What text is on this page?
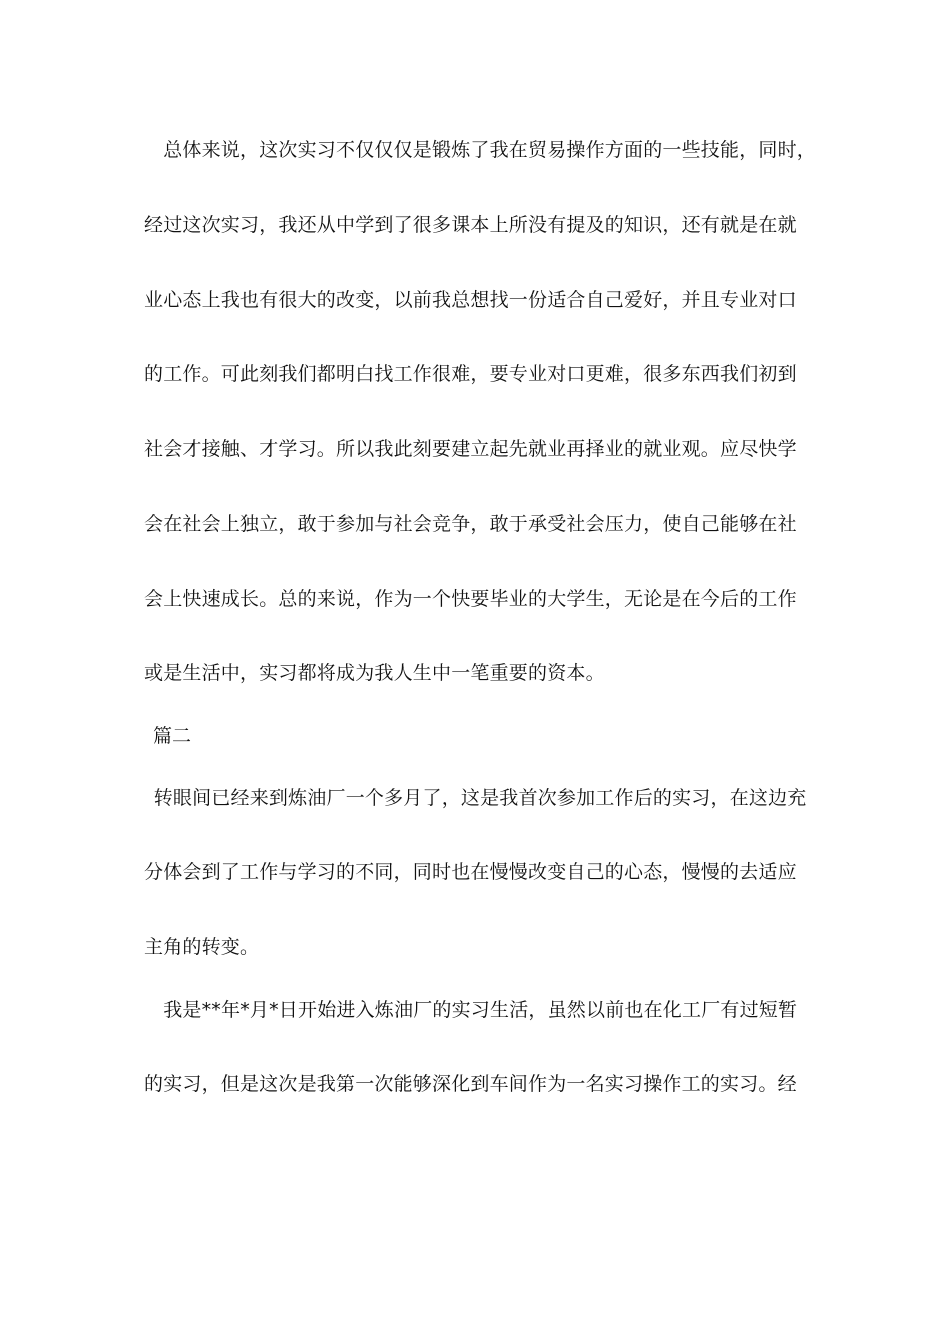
　总体来说，这次实习不仅仅仅是锻炼了我在贸易操作方面的一些技能，同时，
经过这次实习，我还从中学到了很多课本上所没有提及的知识，还有就是在就
业心态上我也有很大的改变，以前我总想找一份适合自己爱好，并且专业对口
的工作。可此刻我们都明白找工作很难，要专业对口更难，很多东西我们初到
社会才接触、才学习。所以我此刻要建立起先就业再择业的就业观。应尽快学
会在社会上独立，敢于参加与社会竞争，敢于承受社会压力，使自己能够在社
会上快速成长。总的来说，作为一个快要毕业的大学生，无论是在今后的工作
或是生活中，实习都将成为我人生中一笔重要的资本。
篇二
 转眼间已经来到炼油厂一个多月了，这是我首次参加工作后的实习，在这边充
分体会到了工作与学习的不同，同时也在慢慢改变自己的心态，慢慢的去适应
主角的转变。
　我是**年*月*日开始进入炼油厂的实习生活，虽然以前也在化工厂有过短暂
的实习，但是这次是我第一次能够深化到车间作为一名实习操作工的实习。经
